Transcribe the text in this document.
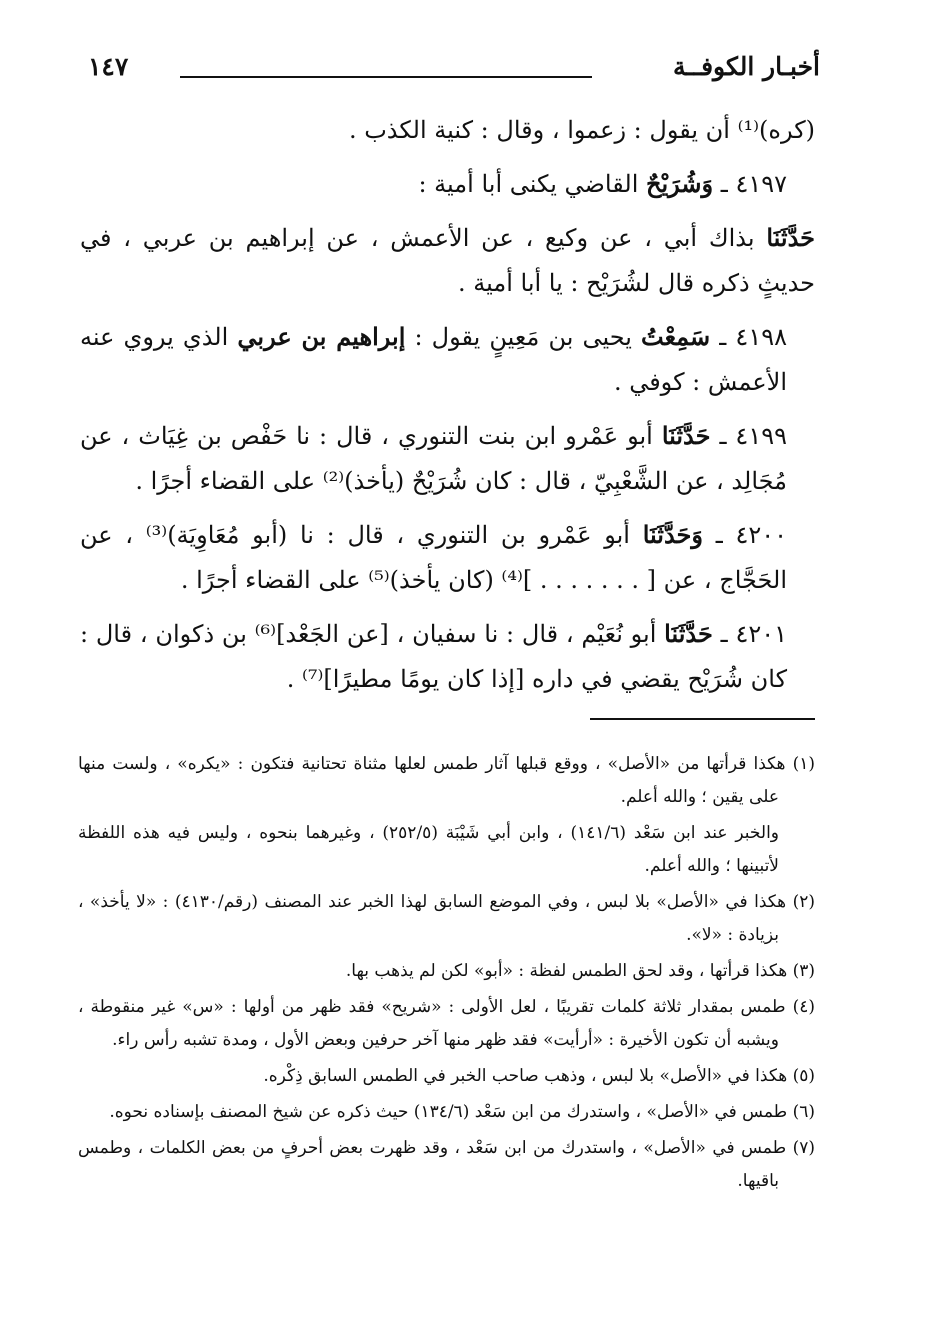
أخبـار الكوفــة
١٤٧

(كره)⁽¹⁾ أن يقول : زعموا ، وقال : كنية الكذب .

٤١٩٧ ـ وَشُرَيْحٌ القاضي يكنى أبا أمية :

حَدَّثَنَا بذاك أبي ، عن وكيع ، عن الأعمش ، عن إبراهيم بن عربي ، في حديثٍ ذكره قال لشُرَيْح : يا أبا أمية .

٤١٩٨ ـ سَمِعْتُ يحيى بن مَعِينٍ يقول : إبراهيم بن عربي الذي يروي عنه الأعمش : كوفي .

٤١٩٩ ـ حَدَّثَنَا أبو عَمْرو ابن بنت التنوري ، قال : نا حَفْص بن غِيَاث ، عن مُجَالِد ، عن الشَّعْبِيّ ، قال : كان شُرَيْحٌ (يأخذ)⁽²⁾ على القضاء أجرًا .

٤٢٠٠ ـ وَحَدَّثَنَا أبو عَمْرو بن التنوري ، قال : نا (أبو مُعَاوِيَة)⁽³⁾ ، عن الحَجَّاج ، عن [ . . . . . . . ]⁽⁴⁾ (كان يأخذ)⁽⁵⁾ على القضاء أجرًا .

٤٢٠١ ـ حَدَّثَنَا أبو نُعَيْم ، قال : نا سفيان ، [عن الجَعْد]⁽⁶⁾ بن ذكوان ، قال : كان شُرَيْح يقضي في داره [إذا كان يومًا مطيرًا]⁽⁷⁾ .

(١) هكذا قرأتها من «الأصل» ، ووقع قبلها آثار طمس لعلها مثناة تحتانية فتكون : «يكره» ، ولست منها على يقين ؛ والله أعلم.

والخبر عند ابن سَعْد (١٤١/٦) ، وابن أبي شَيْبَة (٢٥٢/٥) ، وغيرهما بنحوه ، وليس فيه هذه اللفظة لأتبينها ؛ والله أعلم.

(٢) هكذا في «الأصل» بلا لبس ، وفي الموضع السابق لهذا الخبر عند المصنف (رقم/٤١٣٠) : «لا يأخذ» ، بزيادة : «لا».

(٣) هكذا قرأتها ، وقد لحق الطمس لفظة : «أبو» لكن لم يذهب بها.

(٤) طمس بمقدار ثلاثة كلمات تقريبًا ، لعل الأولى : «شريح» فقد ظهر من أولها : «س» غير منقوطة ، ويشبه أن تكون الأخيرة : «أرأيت» فقد ظهر منها آخر حرفين وبعض الأول ، ومدة تشبه رأس راء.

(٥) هكذا في «الأصل» بلا لبس ، وذهب صاحب الخبر في الطمس السابق ذِكْره.

(٦) طمس في «الأصل» ، واستدرك من ابن سَعْد (١٣٤/٦) حيث ذكره عن شيخ المصنف بإسناده نحوه.

(٧) طمس في «الأصل» ، واستدرك من ابن سَعْد ، وقد ظهرت بعض أحرفٍ من بعض الكلمات ، وطمس باقيها.
